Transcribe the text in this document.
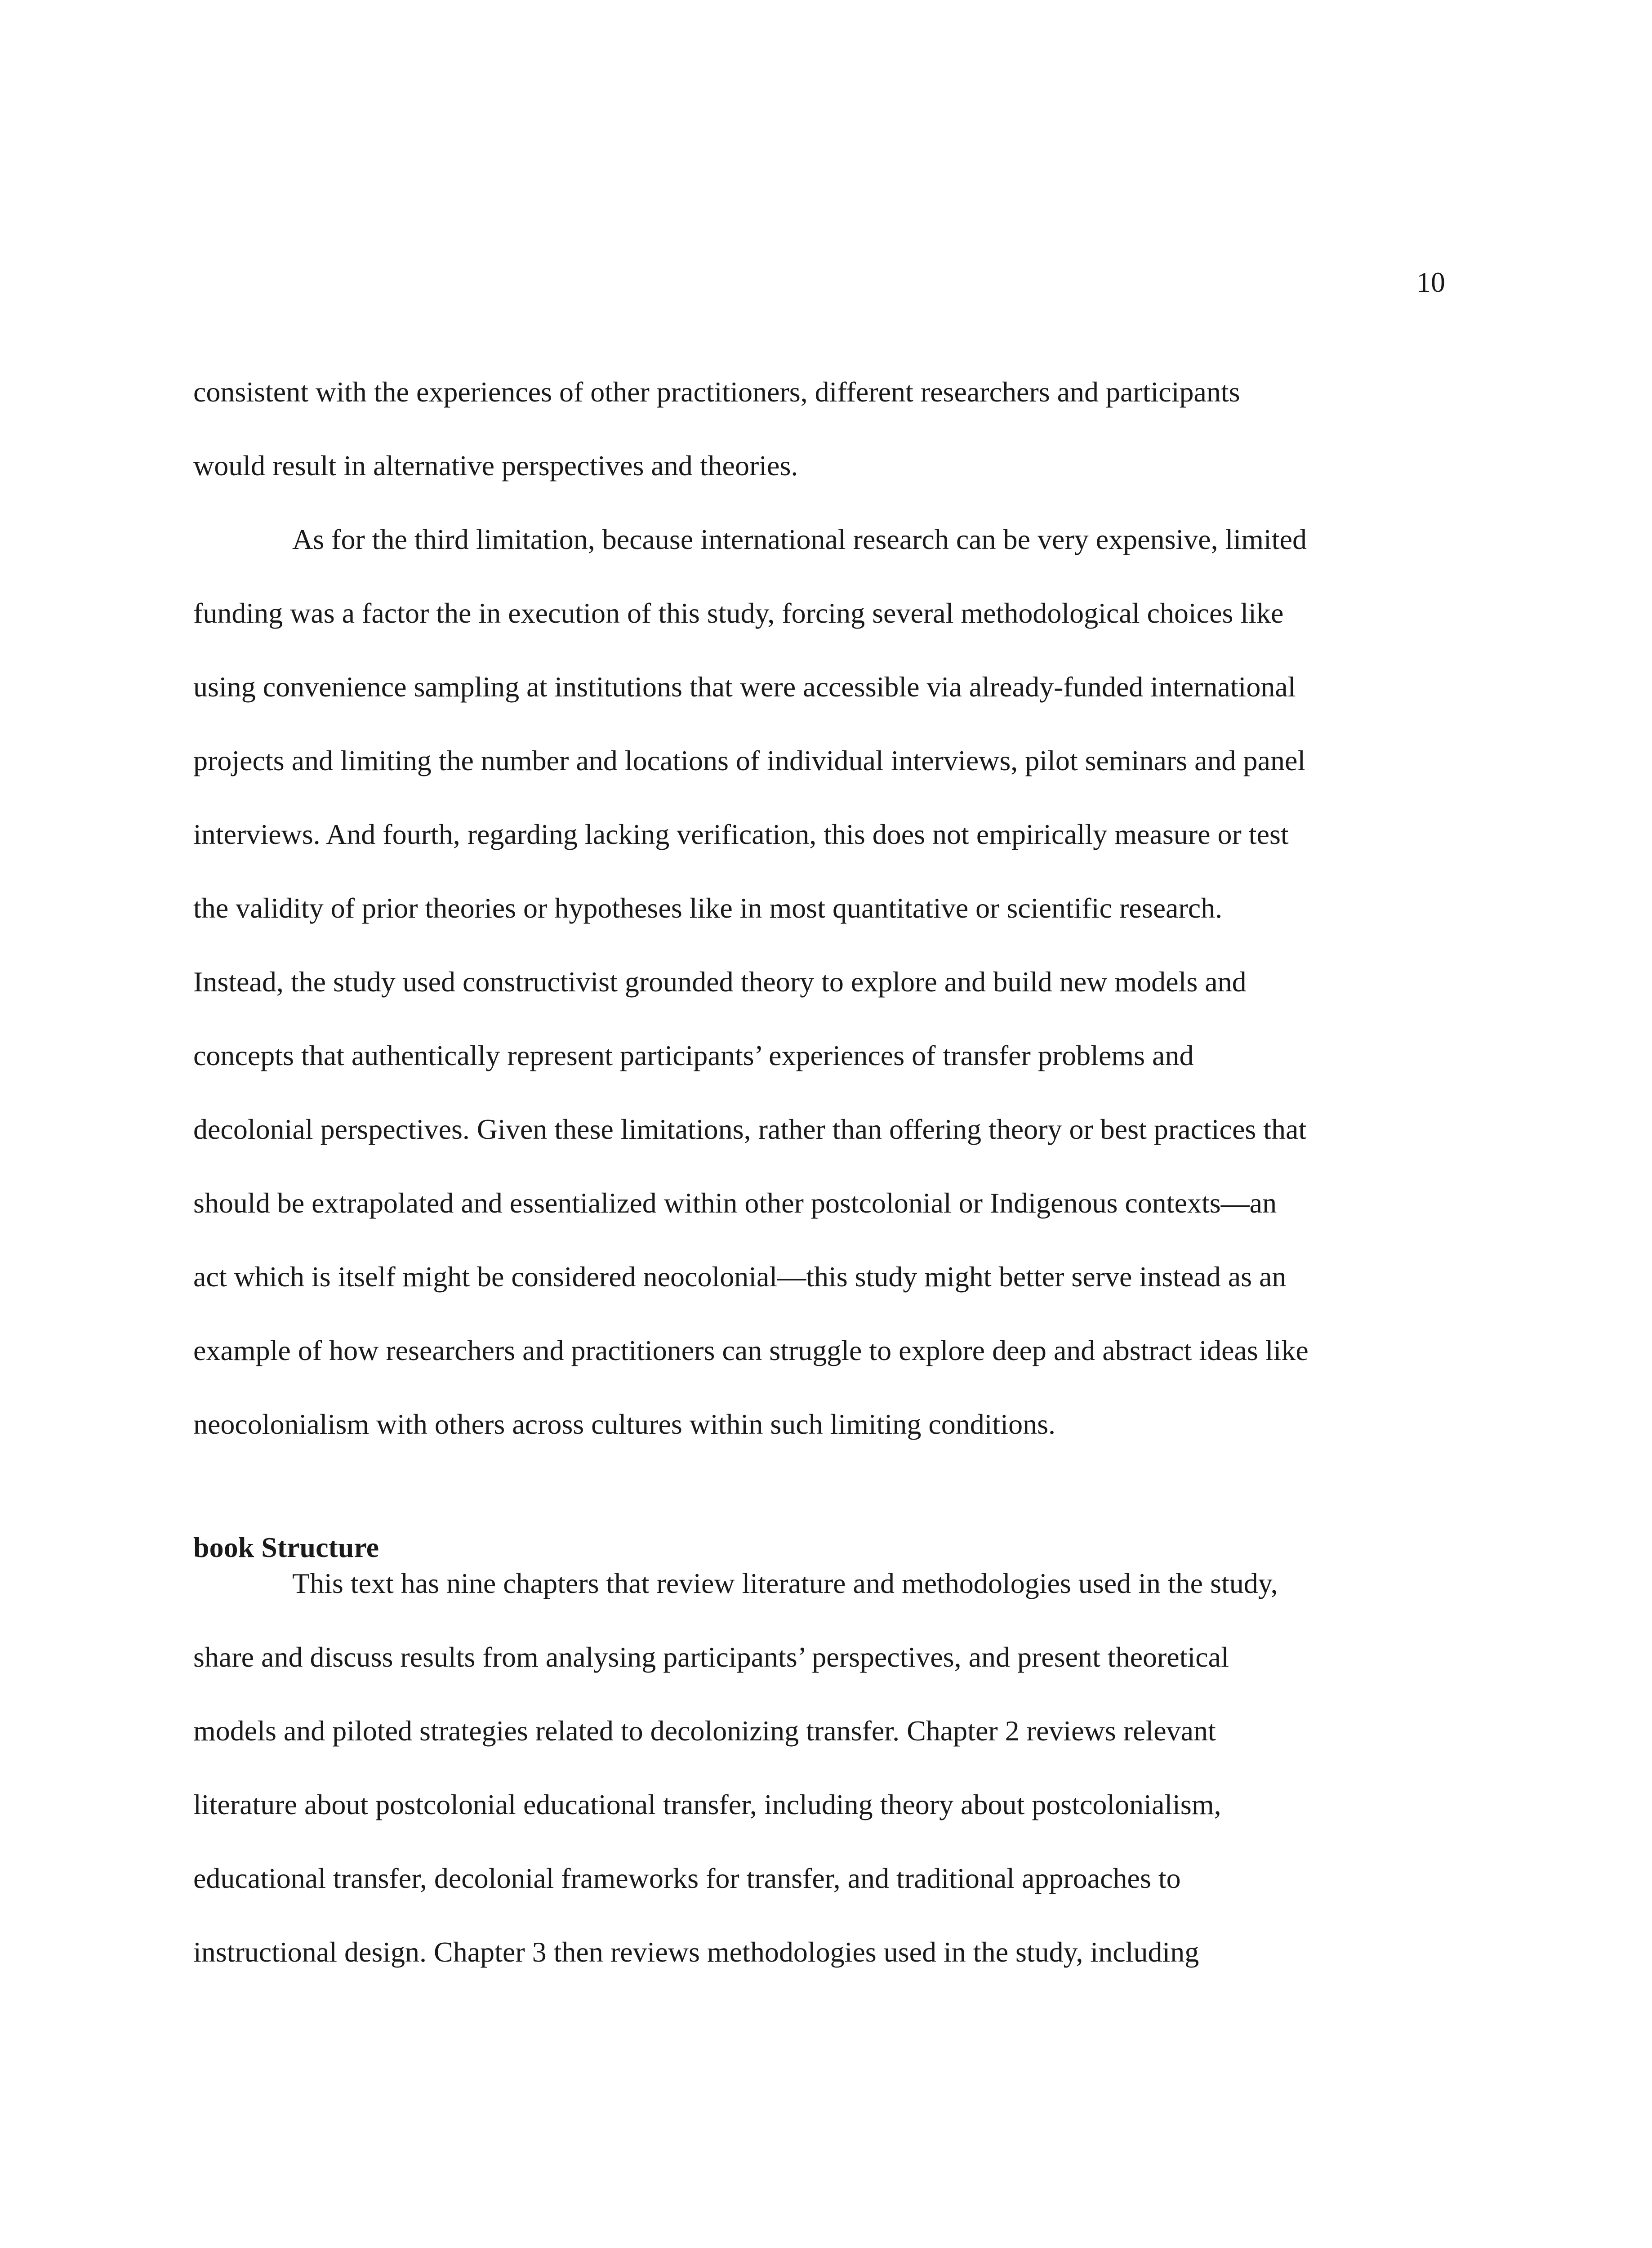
10
consistent with the experiences of other practitioners, different researchers and participants
would result in alternative perspectives and theories.
As for the third limitation, because international research can be very expensive, limited
funding was a factor the in execution of this study, forcing several methodological choices like
using convenience sampling at institutions that were accessible via already-funded international
projects and limiting the number and locations of individual interviews, pilot seminars and panel
interviews. And fourth, regarding lacking verification, this does not empirically measure or test
the validity of prior theories or hypotheses like in most quantitative or scientific research.
Instead, the study used constructivist grounded theory to explore and build new models and
concepts that authentically represent participants’ experiences of transfer problems and
decolonial perspectives. Given these limitations, rather than offering theory or best practices that
should be extrapolated and essentialized within other postcolonial or Indigenous contexts—an
act which is itself might be considered neocolonial—this study might better serve instead as an
example of how researchers and practitioners can struggle to explore deep and abstract ideas like
neocolonialism with others across cultures within such limiting conditions.
book Structure
This text has nine chapters that review literature and methodologies used in the study,
share and discuss results from analysing participants’ perspectives, and present theoretical
models and piloted strategies related to decolonizing transfer. Chapter 2 reviews relevant
literature about postcolonial educational transfer, including theory about postcolonialism,
educational transfer, decolonial frameworks for transfer, and traditional approaches to
instructional design. Chapter 3 then reviews methodologies used in the study, including
